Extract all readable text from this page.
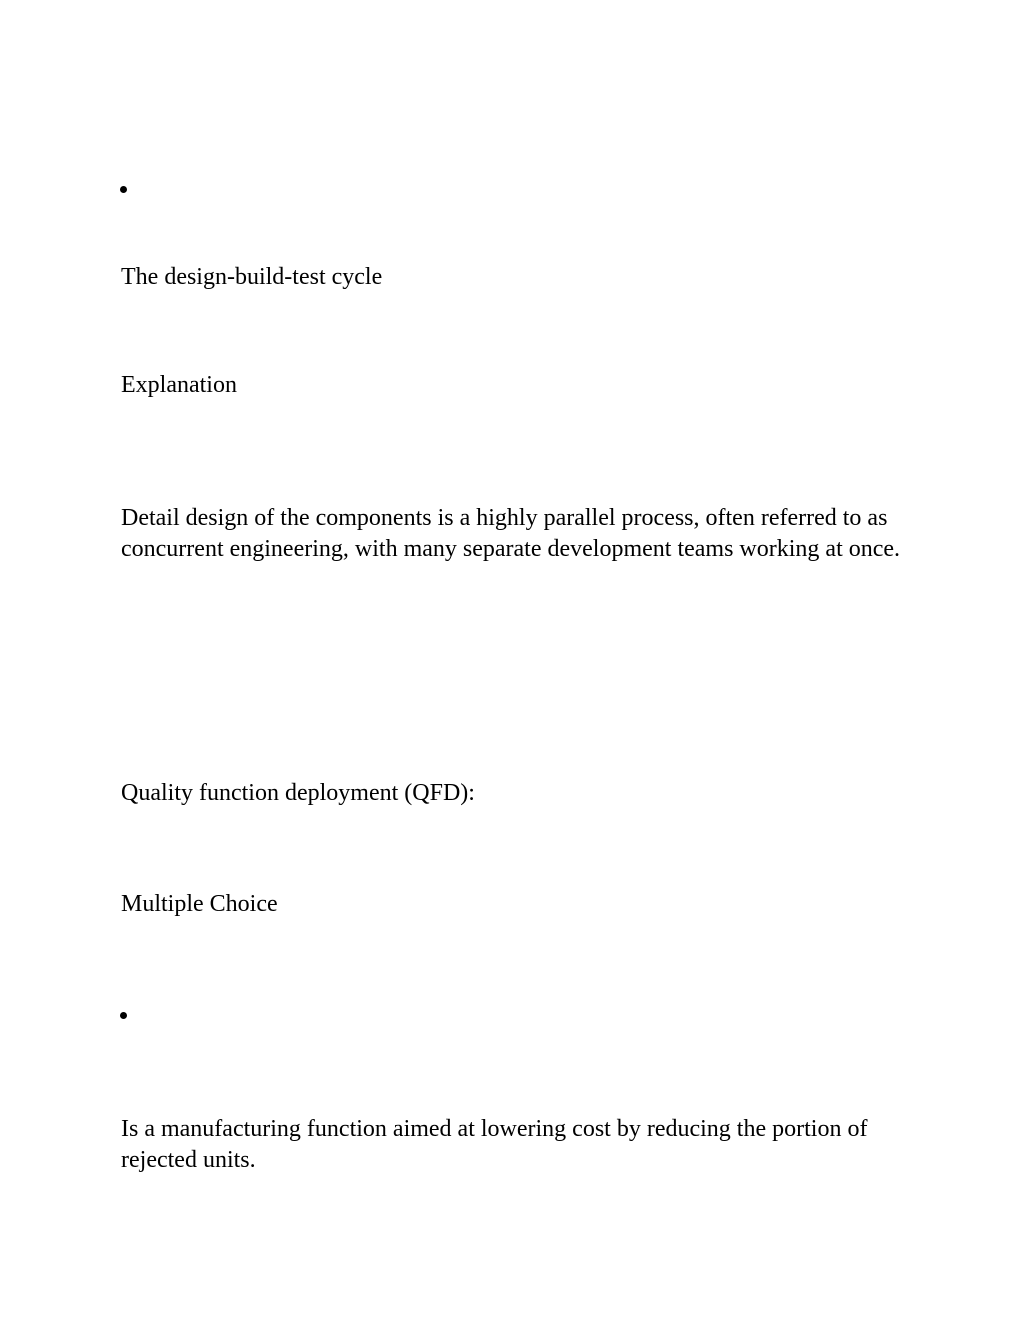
The design-build-test cycle
Explanation
Detail design of the components is a highly parallel process, often referred to as concurrent engineering, with many separate development teams working at once.
Quality function deployment (QFD):
Multiple Choice
Is a manufacturing function aimed at lowering cost by reducing the portion of rejected units.
